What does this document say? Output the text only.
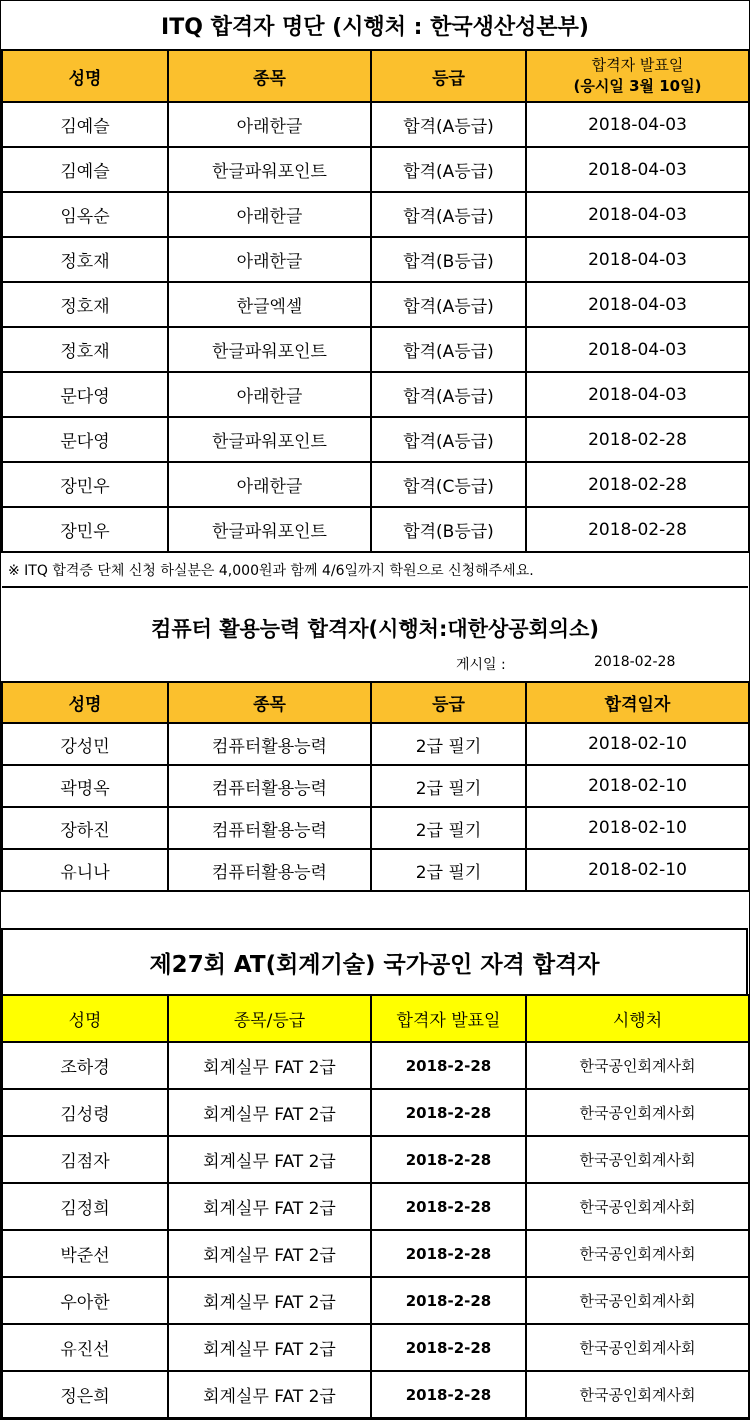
ITQ 합격자 명단 (시행처 : 한국생산성본부)
성명	종목	등급	합격자 발표일
(응시일 3월 10일)

김예슬	아래한글	합격(A등급)	2018-04-03
김예슬	한글파워포인트	합격(A등급)	2018-04-03
임옥순	아래한글	합격(A등급)	2018-04-03
정호재	아래한글	합격(B등급)	2018-04-03
정호재	한글엑셀	합격(A등급)	2018-04-03
정호재	한글파워포인트	합격(A등급)	2018-04-03
문다영	아래한글	합격(A등급)	2018-04-03
문다영	한글파워포인트	합격(A등급)	2018-02-28
장민우	아래한글	합격(C등급)	2018-02-28
장민우	한글파워포인트	합격(B등급)	2018-02-28
※ ITQ 합격증 단체 신청 하실분은 4,000원과 함께 4/6일까지 학원으로 신청해주세요.
컴퓨터 활용능력 합격자(시행처:대한상공회의소)
게시일 :	2018-02-28
성명	종목	등급	합격일자
강성민	컴퓨터활용능력	2급 필기	2018-02-10
곽명옥	컴퓨터활용능력	2급 필기	2018-02-10
장하진	컴퓨터활용능력	2급 필기	2018-02-10
유니나	컴퓨터활용능력	2급 필기	2018-02-10
제27회 AT(회계기술) 국가공인 자격 합격자
성명	종목/등급	합격자 발표일	시행처
조하경	회계실무 FAT 2급	2018-2-28	한국공인회계사회
김성령	회계실무 FAT 2급	2018-2-28	한국공인회계사회
김점자	회계실무 FAT 2급	2018-2-28	한국공인회계사회
김정희	회계실무 FAT 2급	2018-2-28	한국공인회계사회
박준선	회계실무 FAT 2급	2018-2-28	한국공인회계사회
우아한	회계실무 FAT 2급	2018-2-28	한국공인회계사회
유진선	회계실무 FAT 2급	2018-2-28	한국공인회계사회
정은희	회계실무 FAT 2급	2018-2-28	한국공인회계사회
